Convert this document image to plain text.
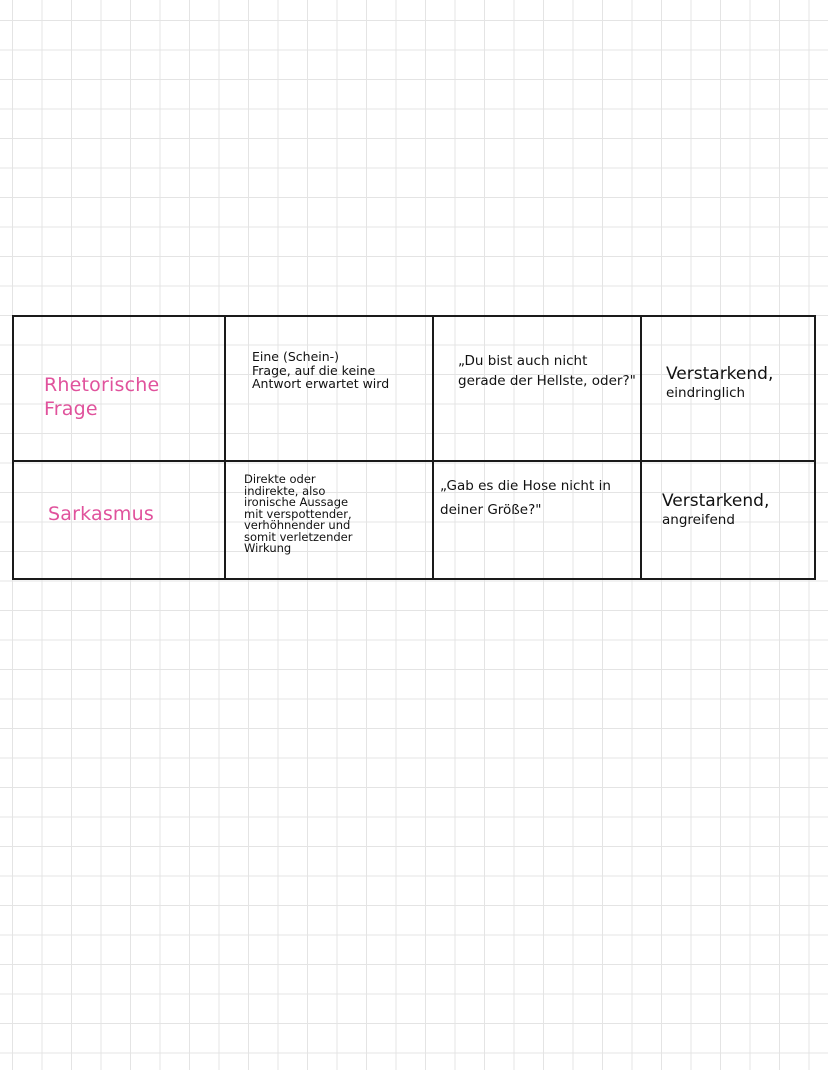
Rhetorische Frage
Eine (Schein-)
Frage, auf die keine
Antwort erwartet wird
„Du bist auch nicht gerade der Hellste, oder?" Verstarkend,
eindringlich
Sarkasmus
Direkte oder
indirekte, also
ironische Aussage
mit verspottender,
verhöhnender und
somit verletzender
Wirkung
„Gab es die Hose nicht in deiner Größe?"	Verstarkend,
angreifend
